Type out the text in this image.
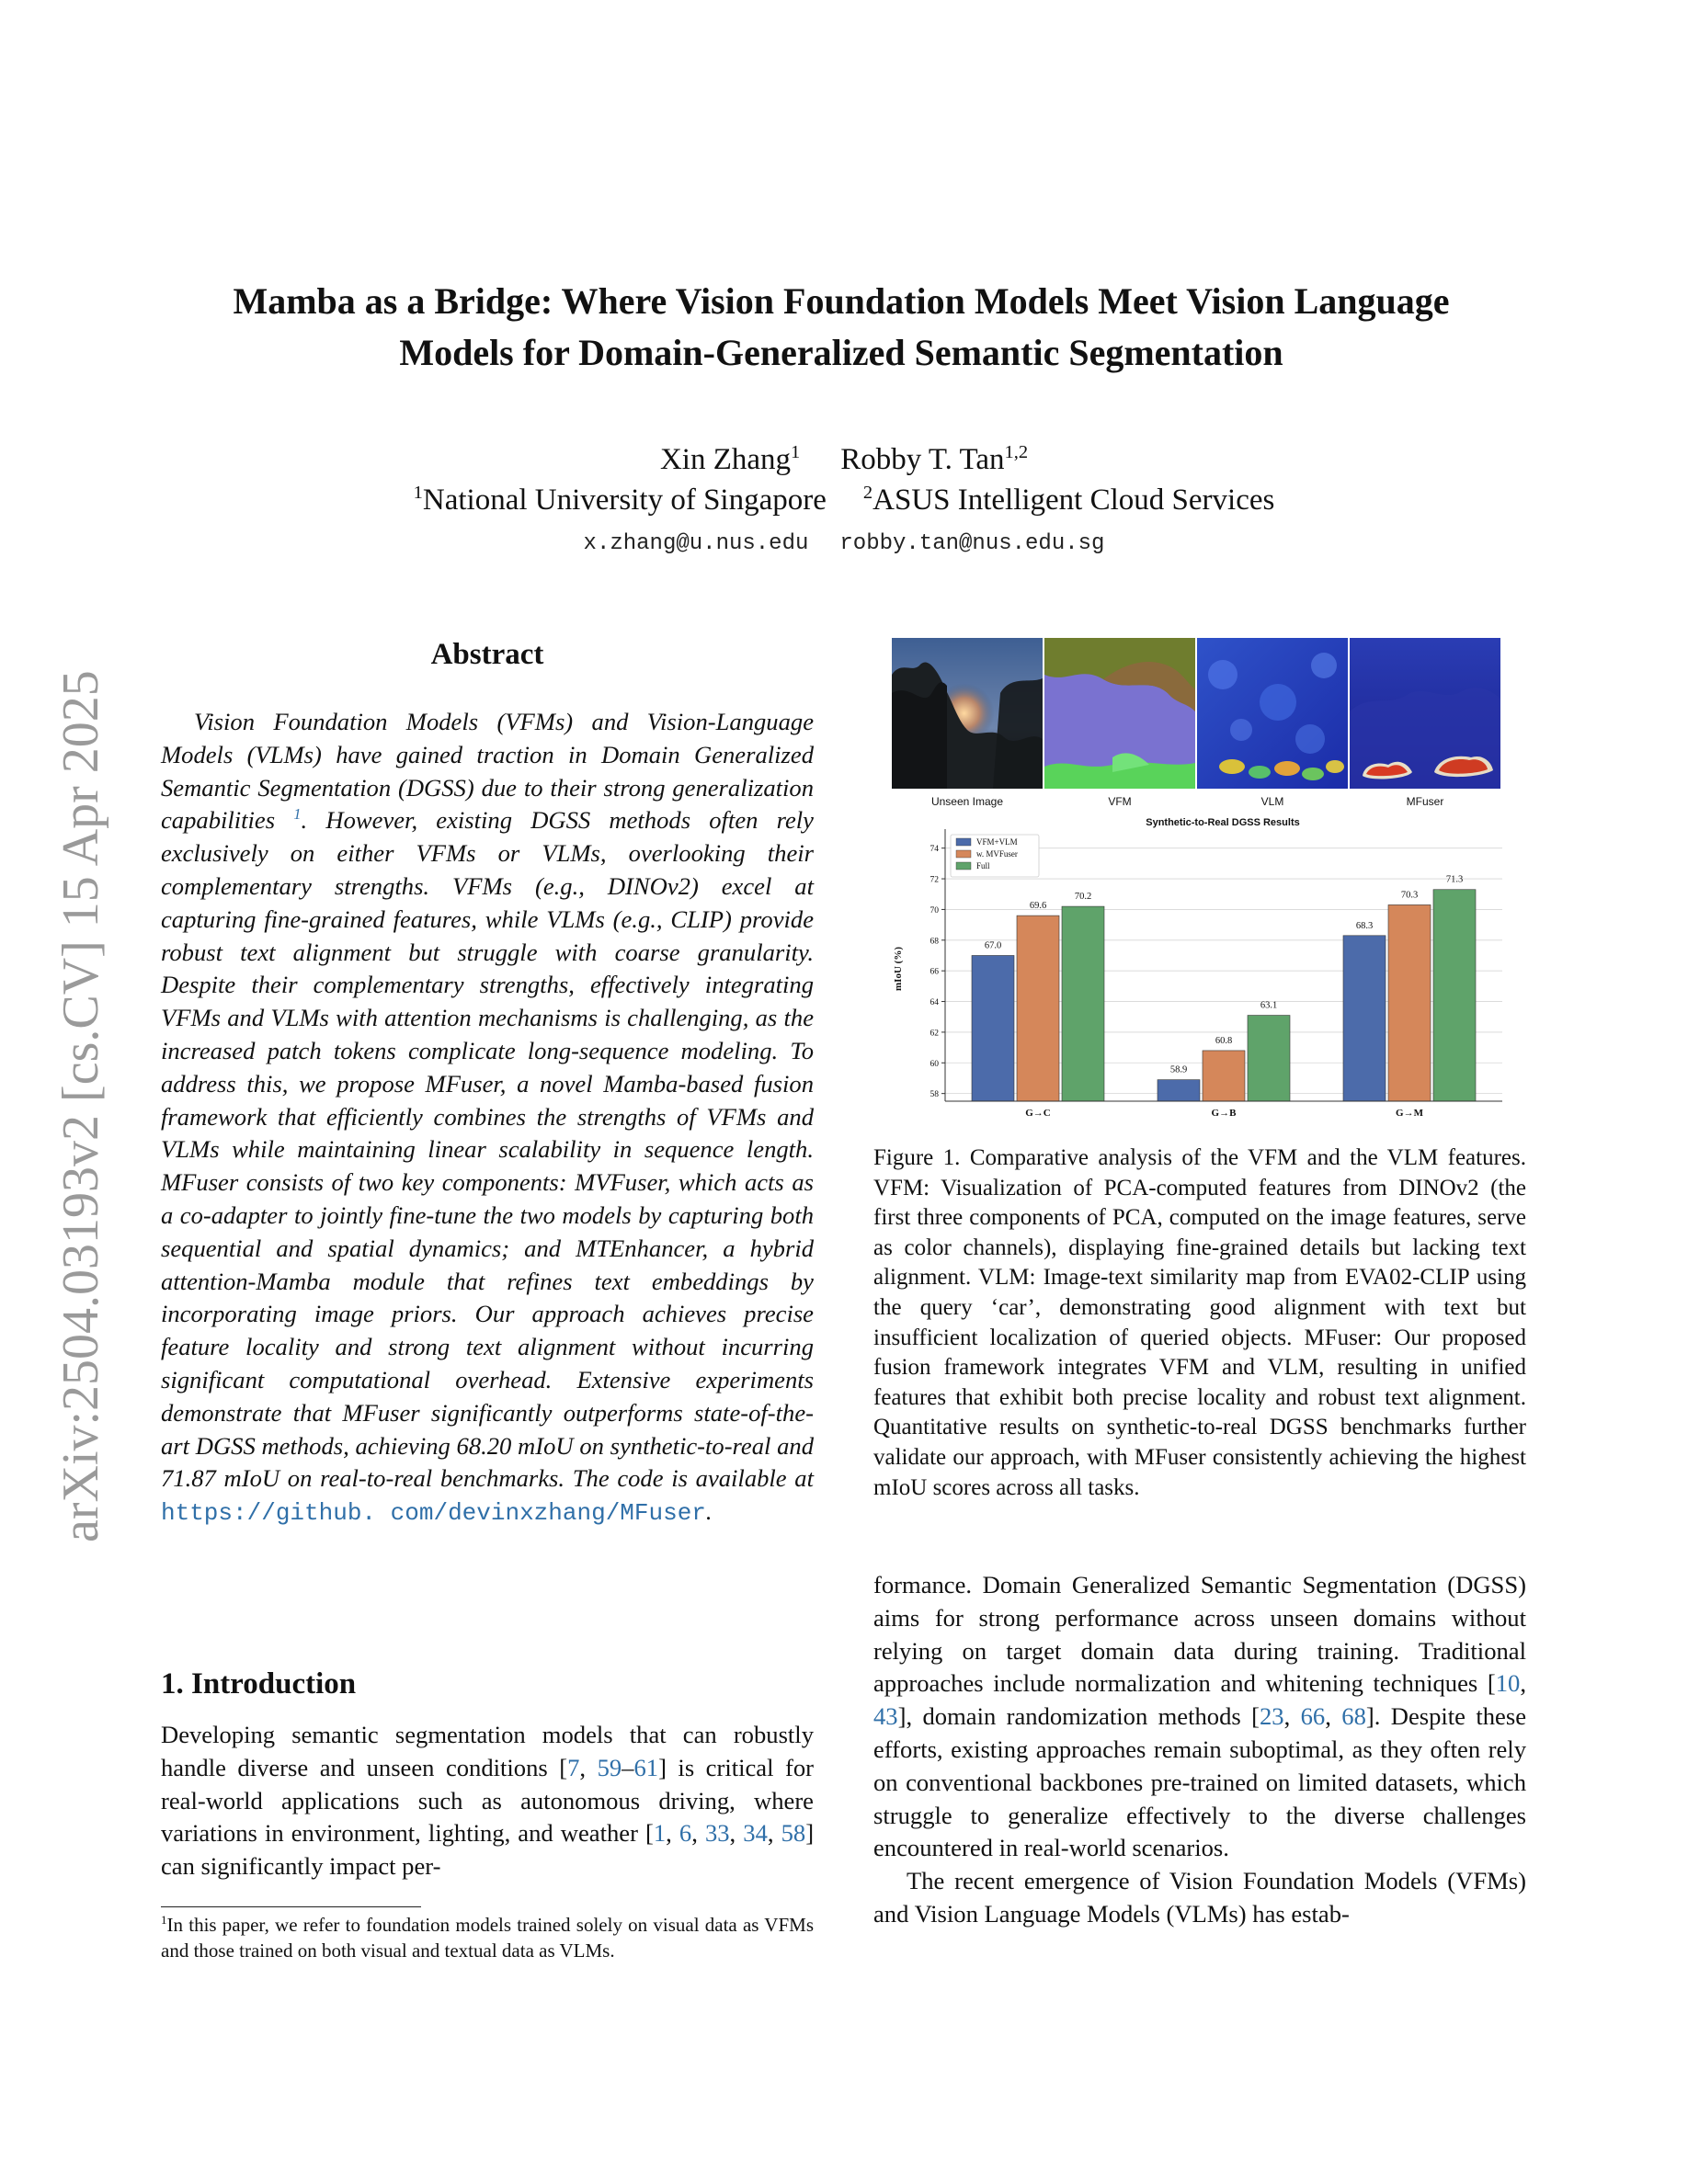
arXiv:2504.03193v2 [cs.CV] 15 Apr 2025
Mamba as a Bridge: Where Vision Foundation Models Meet Vision Language
Models for Domain-Generalized Semantic Segmentation
Xin Zhang$^1$ Robby T. Tan$^{1,2}$
$^1$National University of Singapore $^2$ASUS Intelligent Cloud Services
x.zhang@u.nus.edu robby.tan@nus.edu.sg
Abstract

Vision Foundation Models (VFMs) and Vision-Language Models (VLMs) have gained traction in Domain Generalized Semantic Segmentation (DGSS) due to their strong generalization capabilities $^1$. However, existing DGSS methods often rely exclusively on either VFMs or VLMs, overlooking their complementary strengths. VFMs (e.g., DINOv2) excel at capturing fine-grained features, while VLMs (e.g., CLIP) provide robust text alignment but struggle with coarse granularity. Despite their complementary strengths, effectively integrating VFMs and VLMs with attention mechanisms is challenging, as the increased patch tokens complicate long-sequence modeling. To address this, we propose MFuser, a novel Mamba-based fusion framework that efficiently combines the strengths of VFMs and VLMs while maintaining linear scalability in sequence length. MFuser consists of two key components: MVFuser, which acts as a co-adapter to jointly fine-tune the two models by capturing both sequential and spatial dynamics; and MTEnhancer, a hybrid attention-Mamba module that refines text embeddings by incorporating image priors. Our approach achieves precise feature locality and strong text alignment without incurring significant computational overhead. Extensive experiments demonstrate that MFuser significantly outperforms state-of-the-art DGSS methods, achieving 68.20 mIoU on synthetic-to-real and 71.87 mIoU on real-to-real benchmarks. The code is available at https://github. com/devinxzhang/MFuser.

1. Introduction

Developing semantic segmentation models that can robustly handle diverse and unseen conditions [7, 59–61] is critical for real-world applications such as autonomous driving, where variations in environment, lighting, and weather [1, 6, 33, 34, 58] can significantly impact per-

$^1$In this paper, we refer to foundation models trained solely on visual data as VFMs and those trained on both visual and textual data as VLMs.
Unseen Image	VFM	VLM	MFuser
Synthetic-to-Real DGSS Results
mIoU (%)
67.0
69.6
70.2
58.9
60.8
63.1
68.3
70.3
71.3
58
60
62
64
66
68
70
72
74
G→C	G→B	G→M
VFM+VLM
w. MVFuser
Full
Figure 1. Comparative analysis of the VFM and the VLM features. VFM: Visualization of PCA-computed features from DINOv2 (the first three components of PCA, computed on the image features, serve as color channels), displaying fine-grained details but lacking text alignment. VLM: Image-text similarity map from EVA02-CLIP using the query ‘car’, demonstrating good alignment with text but insufficient localization of queried objects. MFuser: Our proposed fusion framework integrates VFM and VLM, resulting in unified features that exhibit both precise locality and robust text alignment. Quantitative results on synthetic-to-real DGSS benchmarks further validate our approach, with MFuser consistently achieving the highest mIoU scores across all tasks.

formance. Domain Generalized Semantic Segmentation (DGSS) aims for strong performance across unseen domains without relying on target domain data during training. Traditional approaches include normalization and whitening techniques [10, 43], domain randomization methods [23, 66, 68]. Despite these efforts, existing approaches remain suboptimal, as they often rely on conventional backbones pre-trained on limited datasets, which struggle to generalize effectively to the diverse challenges encountered in real-world scenarios.

The recent emergence of Vision Foundation Models (VFMs) and Vision Language Models (VLMs) has estab-
